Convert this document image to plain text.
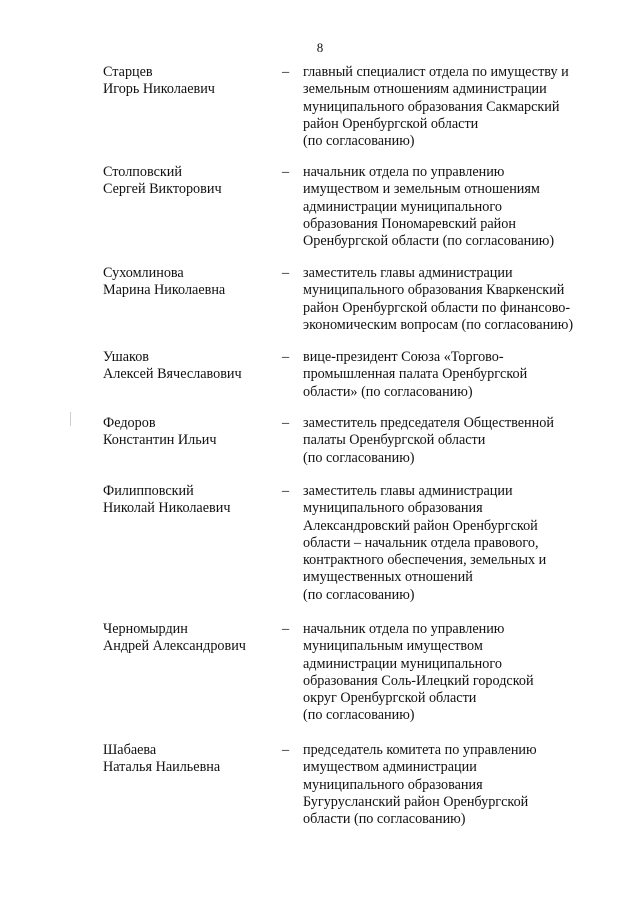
8
Старцев
Игорь Николаевич
– главный специалист отдела по имуществу и
земельным отношениям администрации
муниципального образования Сакмарский
район Оренбургской области
(по согласованию)
Столповский
Сергей Викторович
– начальник отдела по управлению
имуществом и земельным отношениям
администрации муниципального
образования Пономаревский район
Оренбургской области (по согласованию)
Сухомлинова
Марина Николаевна
– заместитель главы администрации
муниципального образования Кваркенский
район Оренбургской области по финансово-
экономическим вопросам (по согласованию)
Ушаков
Алексей Вячеславович
– вице-президент Союза «Торгово-
промышленная палата Оренбургской
области» (по согласованию)
Федоров
Константин Ильич
– заместитель председателя Общественной
палаты Оренбургской области
(по согласованию)
Филипповский
Николай Николаевич
– заместитель главы администрации
муниципального образования
Александровский район Оренбургской
области – начальник отдела правового,
контрактного обеспечения, земельных и
имущественных отношений
(по согласованию)
Черномырдин
Андрей Александрович
– начальник отдела по управлению
муниципальным имуществом
администрации муниципального
образования Соль-Илецкий городской
округ Оренбургской области
(по согласованию)
Шабаева
Наталья Наильевна
– председатель комитета по управлению
имуществом администрации
муниципального образования
Бугурусланский район Оренбургской
области (по согласованию)
